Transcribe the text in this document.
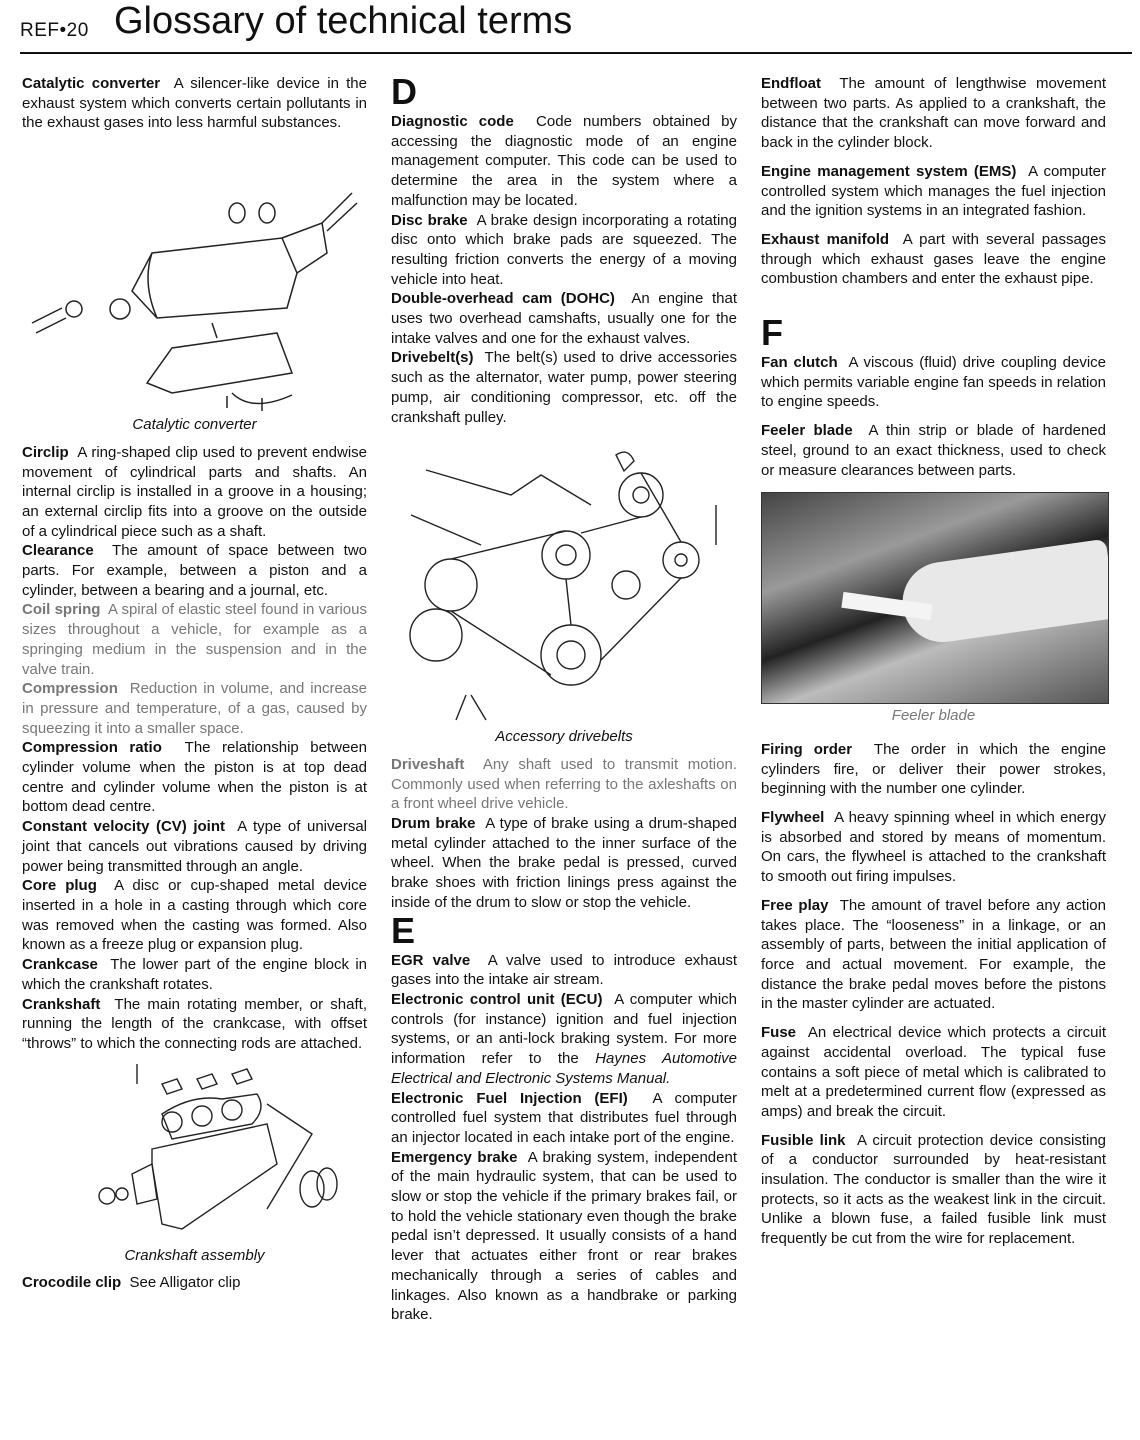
REF•20 Glossary of technical terms

Catalytic converter A silencer-like device in the exhaust system which converts certain pollutants in the exhaust gases into less harmful substances.

Catalytic converter

Circlip A ring-shaped clip used to prevent endwise movement of cylindrical parts and shafts. An internal circlip is installed in a groove in a housing; an external circlip fits into a groove on the outside of a cylindrical piece such as a shaft.

Clearance The amount of space between two parts. For example, between a piston and a cylinder, between a bearing and a journal, etc.

Coil spring A spiral of elastic steel found in various sizes throughout a vehicle, for example as a springing medium in the suspension and in the valve train.

Compression Reduction in volume, and increase in pressure and temperature, of a gas, caused by squeezing it into a smaller space.

Compression ratio The relationship between cylinder volume when the piston is at top dead centre and cylinder volume when the piston is at bottom dead centre.

Constant velocity (CV) joint A type of universal joint that cancels out vibrations caused by driving power being transmitted through an angle.

Core plug A disc or cup-shaped metal device inserted in a hole in a casting through which core was removed when the casting was formed. Also known as a freeze plug or expansion plug.

Crankcase The lower part of the engine block in which the crankshaft rotates.

Crankshaft The main rotating member, or shaft, running the length of the crankcase, with offset “throws” to which the connecting rods are attached.

Crankshaft assembly

Crocodile clip See Alligator clip

D

Diagnostic code Code numbers obtained by accessing the diagnostic mode of an engine management computer. This code can be used to determine the area in the system where a malfunction may be located.

Disc brake A brake design incorporating a rotating disc onto which brake pads are squeezed. The resulting friction converts the energy of a moving vehicle into heat.

Double-overhead cam (DOHC) An engine that uses two overhead camshafts, usually one for the intake valves and one for the exhaust valves.

Drivebelt(s) The belt(s) used to drive accessories such as the alternator, water pump, power steering pump, air conditioning compressor, etc. off the crankshaft pulley.

Accessory drivebelts

Driveshaft Any shaft used to transmit motion. Commonly used when referring to the axleshafts on a front wheel drive vehicle.

Drum brake A type of brake using a drum-shaped metal cylinder attached to the inner surface of the wheel. When the brake pedal is pressed, curved brake shoes with friction linings press against the inside of the drum to slow or stop the vehicle.

E

EGR valve A valve used to introduce exhaust gases into the intake air stream.

Electronic control unit (ECU) A computer which controls (for instance) ignition and fuel injection systems, or an anti-lock braking system. For more information refer to the Haynes Automotive Electrical and Electronic Systems Manual.

Electronic Fuel Injection (EFI) A computer controlled fuel system that distributes fuel through an injector located in each intake port of the engine.

Emergency brake A braking system, independent of the main hydraulic system, that can be used to slow or stop the vehicle if the primary brakes fail, or to hold the vehicle stationary even though the brake pedal isn’t depressed. It usually consists of a hand lever that actuates either front or rear brakes mechanically through a series of cables and linkages. Also known as a handbrake or parking brake.

Endfloat The amount of lengthwise movement between two parts. As applied to a crankshaft, the distance that the crankshaft can move forward and back in the cylinder block.

Engine management system (EMS) A computer controlled system which manages the fuel injection and the ignition systems in an integrated fashion.

Exhaust manifold A part with several passages through which exhaust gases leave the engine combustion chambers and enter the exhaust pipe.

F

Fan clutch A viscous (fluid) drive coupling device which permits variable engine fan speeds in relation to engine speeds.

Feeler blade A thin strip or blade of hardened steel, ground to an exact thickness, used to check or measure clearances between parts.

Feeler blade

Firing order The order in which the engine cylinders fire, or deliver their power strokes, beginning with the number one cylinder.

Flywheel A heavy spinning wheel in which energy is absorbed and stored by means of momentum. On cars, the flywheel is attached to the crankshaft to smooth out firing impulses.

Free play The amount of travel before any action takes place. The “looseness” in a linkage, or an assembly of parts, between the initial application of force and actual movement. For example, the distance the brake pedal moves before the pistons in the master cylinder are actuated.

Fuse An electrical device which protects a circuit against accidental overload. The typical fuse contains a soft piece of metal which is calibrated to melt at a predetermined current flow (expressed as amps) and break the circuit.

Fusible link A circuit protection device consisting of a conductor surrounded by heat-resistant insulation. The conductor is smaller than the wire it protects, so it acts as the weakest link in the circuit. Unlike a blown fuse, a failed fusible link must frequently be cut from the wire for replacement.
